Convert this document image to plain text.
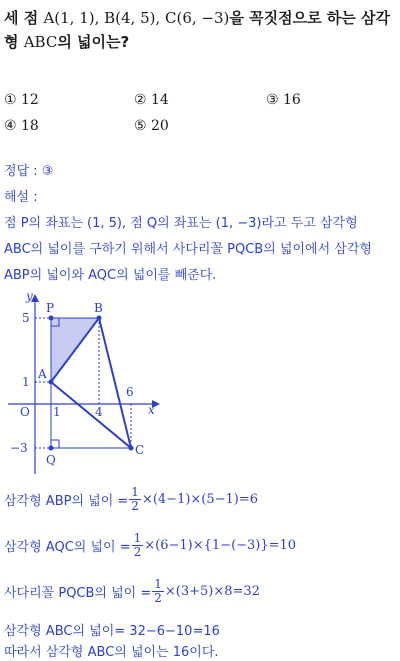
세 점 A(1, 1), B(4, 5), C(6, −3)을 꼭짓점으로 하는 삼각
형 ABC의 넓이는?
① 12	② 14	③ 16
④ 18	⑤ 20
정답 : ③
해설 :
점 P의 좌표는 (1, 5), 점 Q의 좌표는 (1, −3)라고 두고 삼각형
ABC의 넓이를 구하기 위해서 사다리꼴 PQCB의 넓이에서 삼각형
ABP의 넓이와 AQC의 넓이를 빼준다.
y
x
O 1	4
6
5
1
−3
A
B
C
P
Q
삼각형 ABP의 넓이 = $\frac{1}{2} \times(4-1)\times(5-1)=6$
삼각형 AQC의 넓이 = $\frac{1}{2} \times(6-1)\times\{1-(-3)\}=10$
사다리꼴 PQCB의 넓이 = $\frac{1}{2} \times(3+5)\times 8=32$
삼각형 ABC의 넓이= 32−6−10=16
따라서 삼각형 ABC의 넓이는 16이다.
